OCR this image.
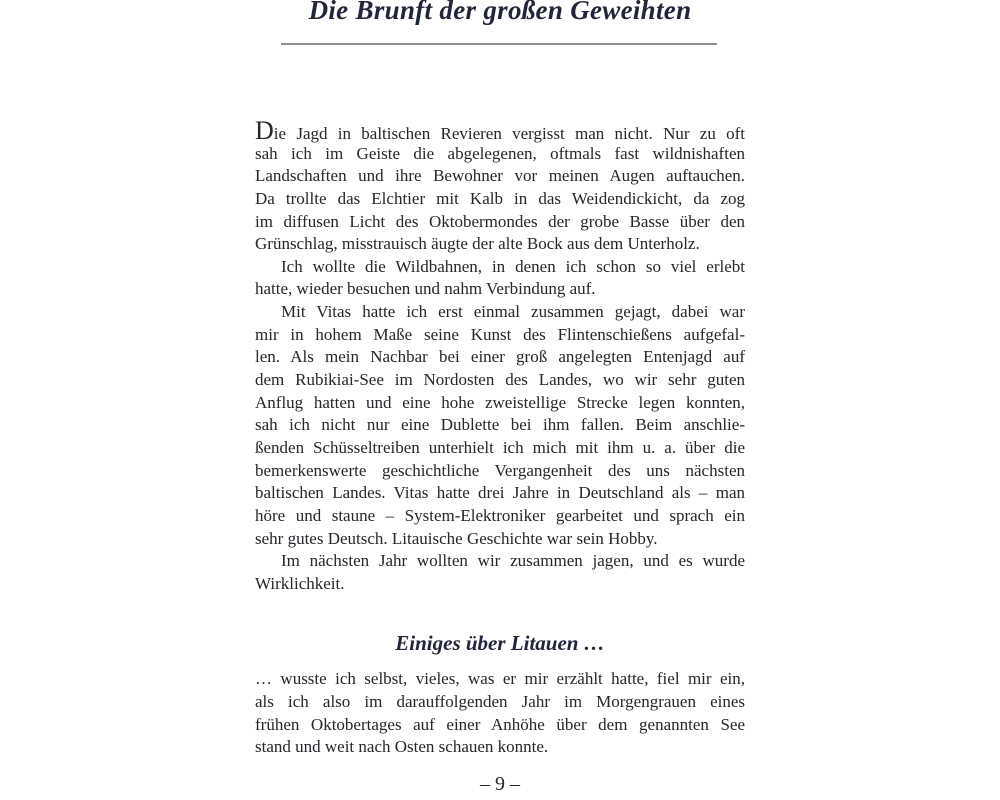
Die Brunft der großen Geweihten
Die Jagd in baltischen Revieren vergisst man nicht. Nur zu oft
sah ich im Geiste die abgelegenen, oftmals fast wildnishaften
Landschaften und ihre Bewohner vor meinen Augen auftauchen.
Da trollte das Elchtier mit Kalb in das Weidendickicht, da zog
im diffusen Licht des Oktobermondes der grobe Basse über den
Grünschlag, misstrauisch äugte der alte Bock aus dem Unterholz.
Ich wollte die Wildbahnen, in denen ich schon so viel erlebt
hatte, wieder besuchen und nahm Verbindung auf.
Mit Vitas hatte ich erst einmal zusammen gejagt, dabei war
mir in hohem Maße seine Kunst des Flintenschießens aufgefal-
len. Als mein Nachbar bei einer groß angelegten Entenjagd auf
dem Rubikiai-See im Nordosten des Landes, wo wir sehr guten
Anflug hatten und eine hohe zweistellige Strecke legen konnten,
sah ich nicht nur eine Dublette bei ihm fallen. Beim anschlie-
ßenden Schüsseltreiben unterhielt ich mich mit ihm u. a. über die
bemerkenswerte geschichtliche Vergangenheit des uns nächsten
baltischen Landes. Vitas hatte drei Jahre in Deutschland als – man
höre und staune – System-Elektroniker gearbeitet und sprach ein
sehr gutes Deutsch. Litauische Geschichte war sein Hobby.
Im nächsten Jahr wollten wir zusammen jagen, und es wurde
Wirklichkeit.
Einiges über Litauen …
… wusste ich selbst, vieles, was er mir erzählt hatte, fiel mir ein,
als ich also im darauffolgenden Jahr im Morgengrauen eines
frühen Oktobertages auf einer Anhöhe über dem genannten See
stand und weit nach Osten schauen konnte.
– 9 –
